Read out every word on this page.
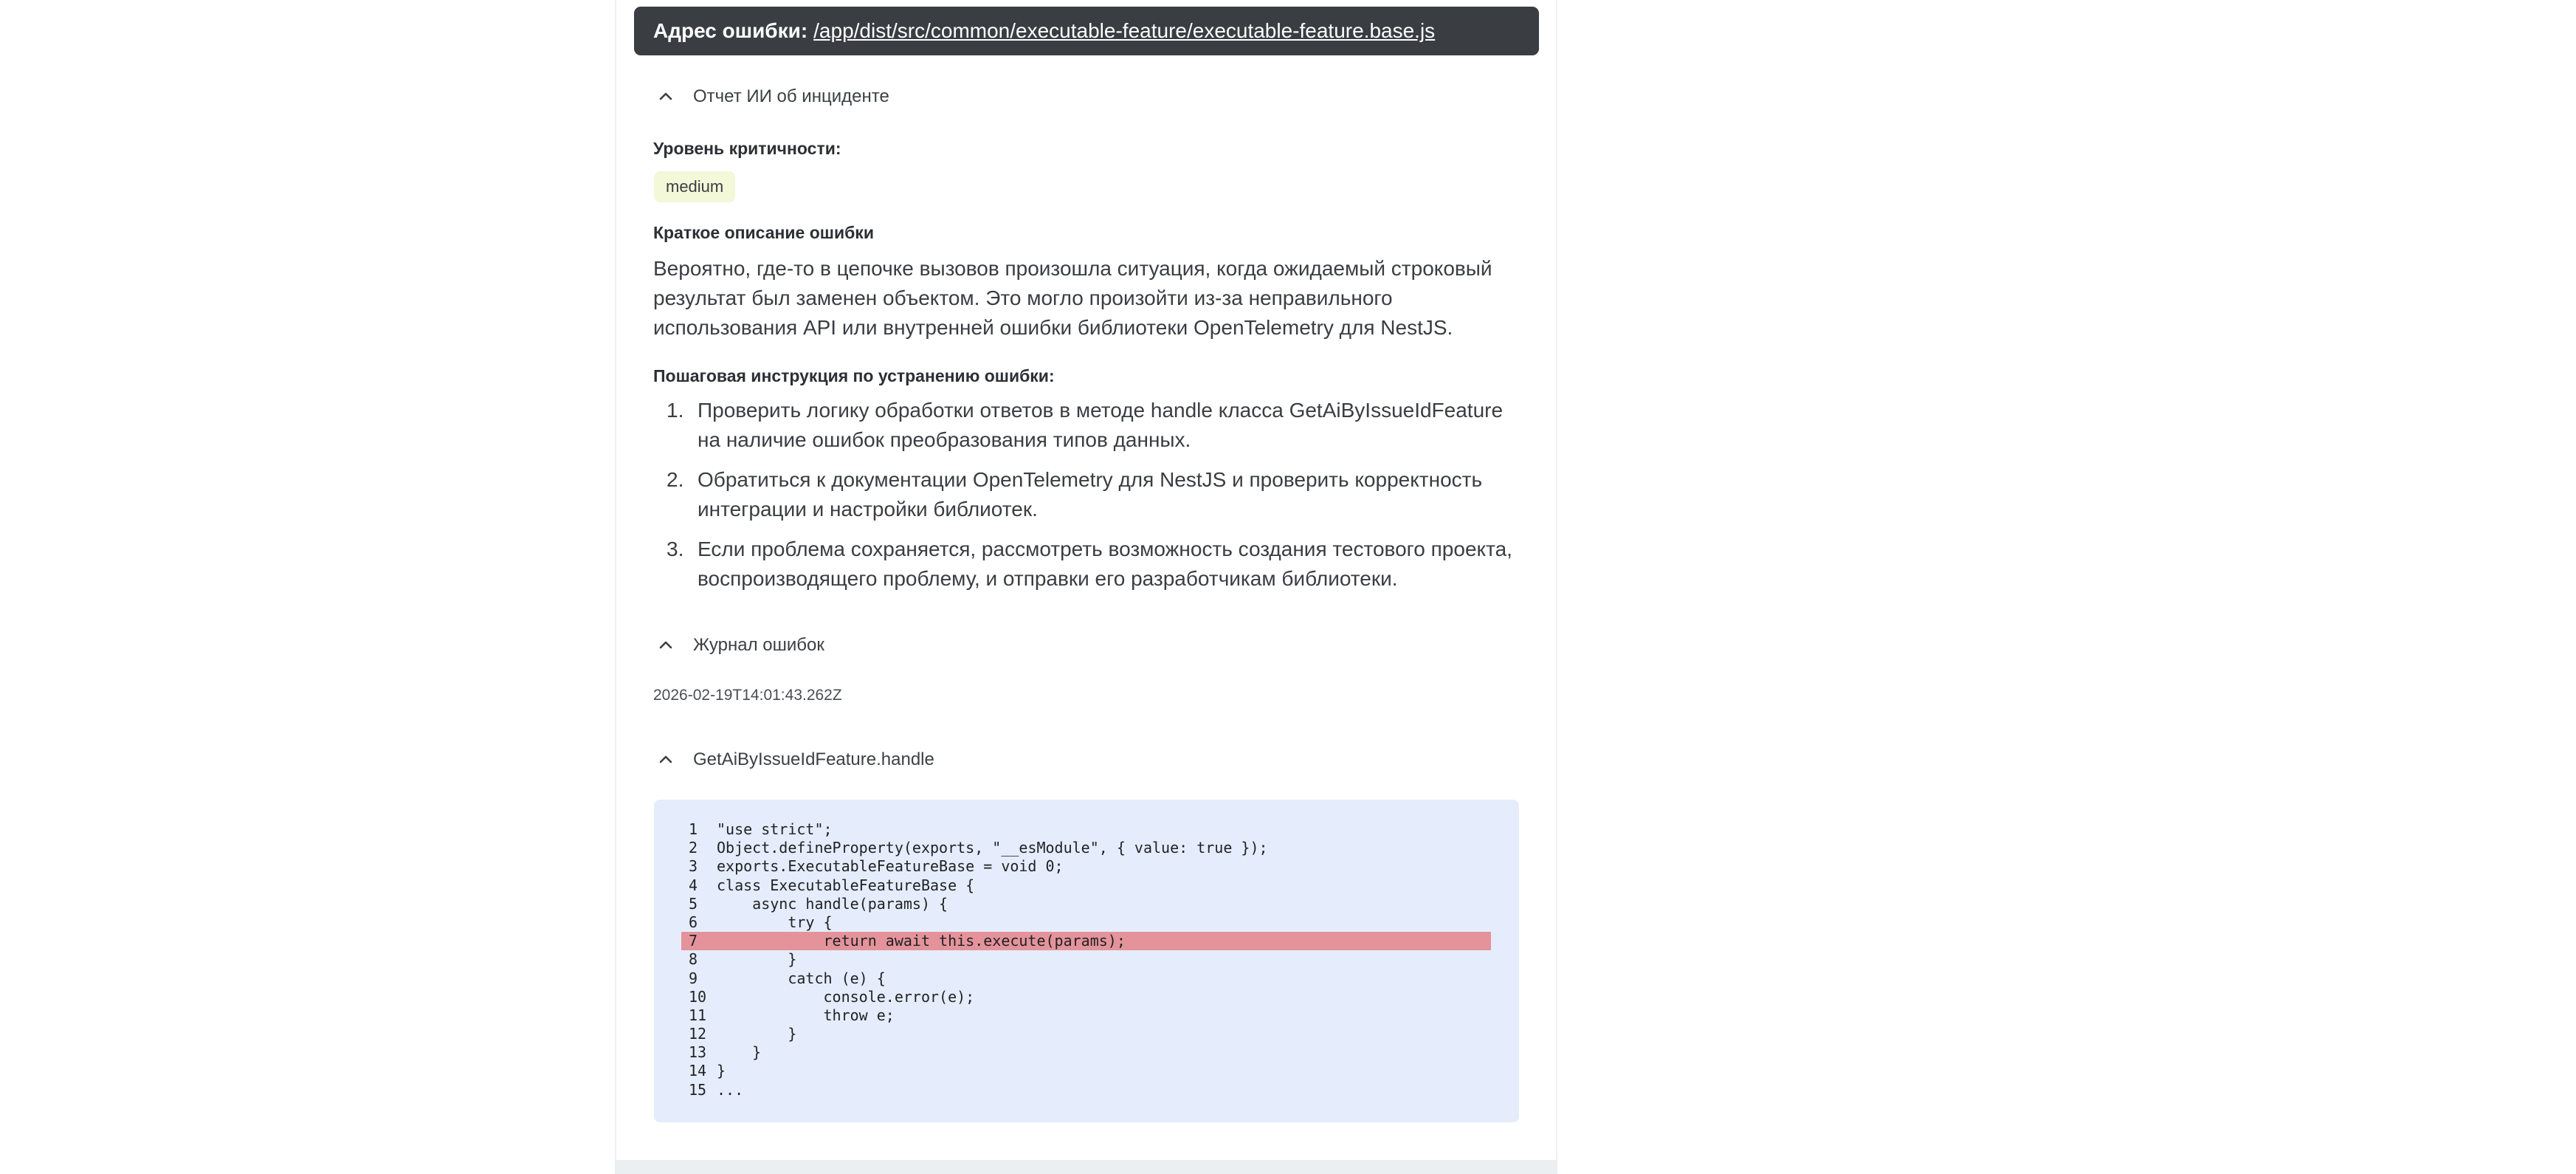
Адрес ошибки: /app/dist/src/common/executable-feature/executable-feature.base.js
Отчет ИИ об инциденте
Уровень критичности:
medium
Краткое описание ошибки
Вероятно, где-то в цепочке вызовов произошла ситуация, когда ожидаемый строковый результат был заменен объектом. Это могло произойти из-за неправильного использования API или внутренней ошибки библиотеки OpenTelemetry для NestJS.
Пошаговая инструкция по устранению ошибки:
1. Проверить логику обработки ответов в методе handle класса GetAiByIssueIdFeature на наличие ошибок преобразования типов данных.
2. Обратиться к документации OpenTelemetry для NestJS и проверить корректность интеграции и настройки библиотек.
3. Если проблема сохраняется, рассмотреть возможность создания тестового проекта, воспроизводящего проблему, и отправки его разработчикам библиотеки.
Журнал ошибок
2026-02-19T14:01:43.262Z
GetAiByIssueIdFeature.handle
1 "use strict";
2 Object.defineProperty(exports, "__esModule", { value: true });
3 exports.ExecutableFeatureBase = void 0;
4 class ExecutableFeatureBase {
5    async handle(params) {
6        try {
7            return await this.execute(params);
8        }
9        catch (e) {
10            console.error(e);
11            throw e;
12        }
13    }
14 }
15 ...
